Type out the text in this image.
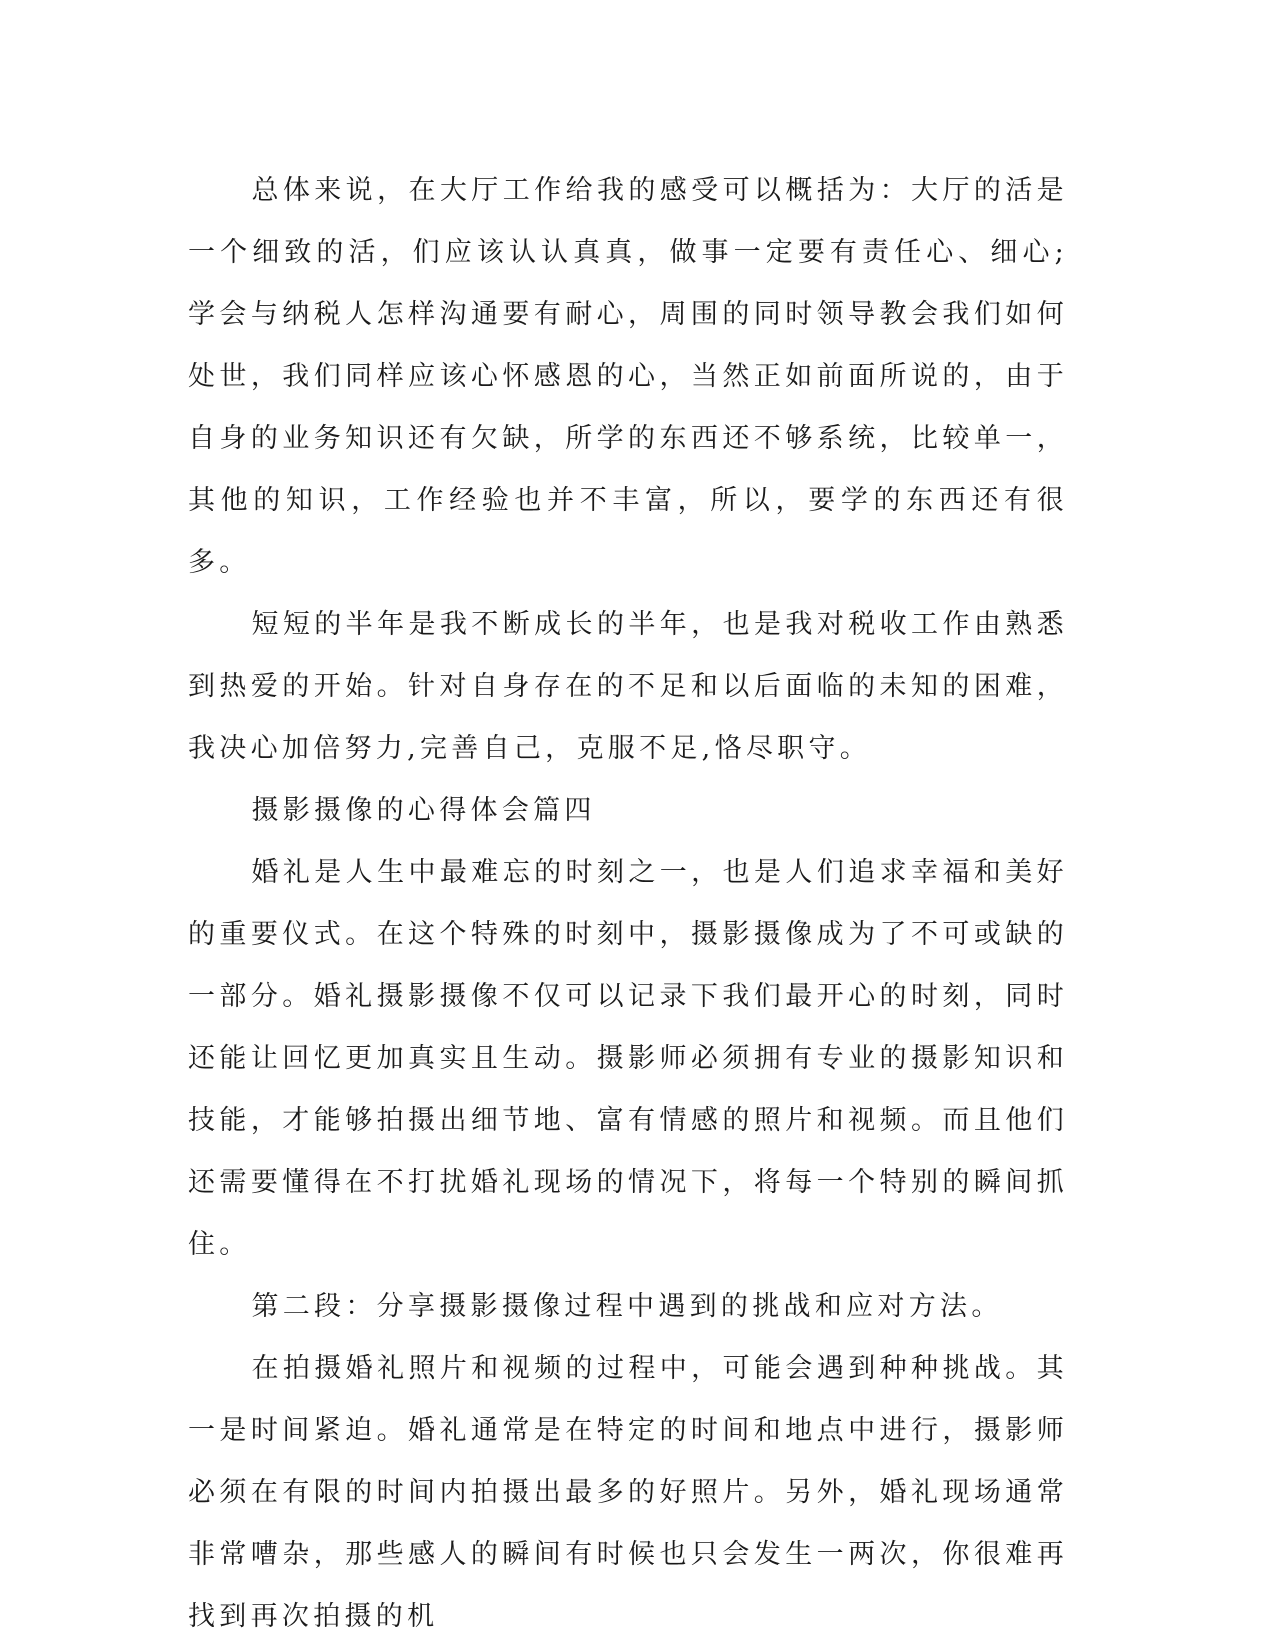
总体来说，在大厅工作给我的感受可以概括为：大厅的活是一个细致的活，们应该认认真真，做事一定要有责任心、细心;学会与纳税人怎样沟通要有耐心，周围的同时领导教会我们如何处世，我们同样应该心怀感恩的心，当然正如前面所说的，由于自身的业务知识还有欠缺，所学的东西还不够系统，比较单一，其他的知识，工作经验也并不丰富，所以，要学的东西还有很多。

短短的半年是我不断成长的半年，也是我对税收工作由熟悉到热爱的开始。针对自身存在的不足和以后面临的未知的困难，我决心加倍努力,完善自己，克服不足,恪尽职守。

摄影摄像的心得体会篇四

婚礼是人生中最难忘的时刻之一，也是人们追求幸福和美好的重要仪式。在这个特殊的时刻中，摄影摄像成为了不可或缺的一部分。婚礼摄影摄像不仅可以记录下我们最开心的时刻，同时还能让回忆更加真实且生动。摄影师必须拥有专业的摄影知识和技能，才能够拍摄出细节地、富有情感的照片和视频。而且他们还需要懂得在不打扰婚礼现场的情况下，将每一个特别的瞬间抓住。

第二段：分享摄影摄像过程中遇到的挑战和应对方法。

在拍摄婚礼照片和视频的过程中，可能会遇到种种挑战。其一是时间紧迫。婚礼通常是在特定的时间和地点中进行，摄影师必须在有限的时间内拍摄出最多的好照片。另外，婚礼现场通常非常嘈杂，那些感人的瞬间有时候也只会发生一两次，你很难再找到再次拍摄的机
